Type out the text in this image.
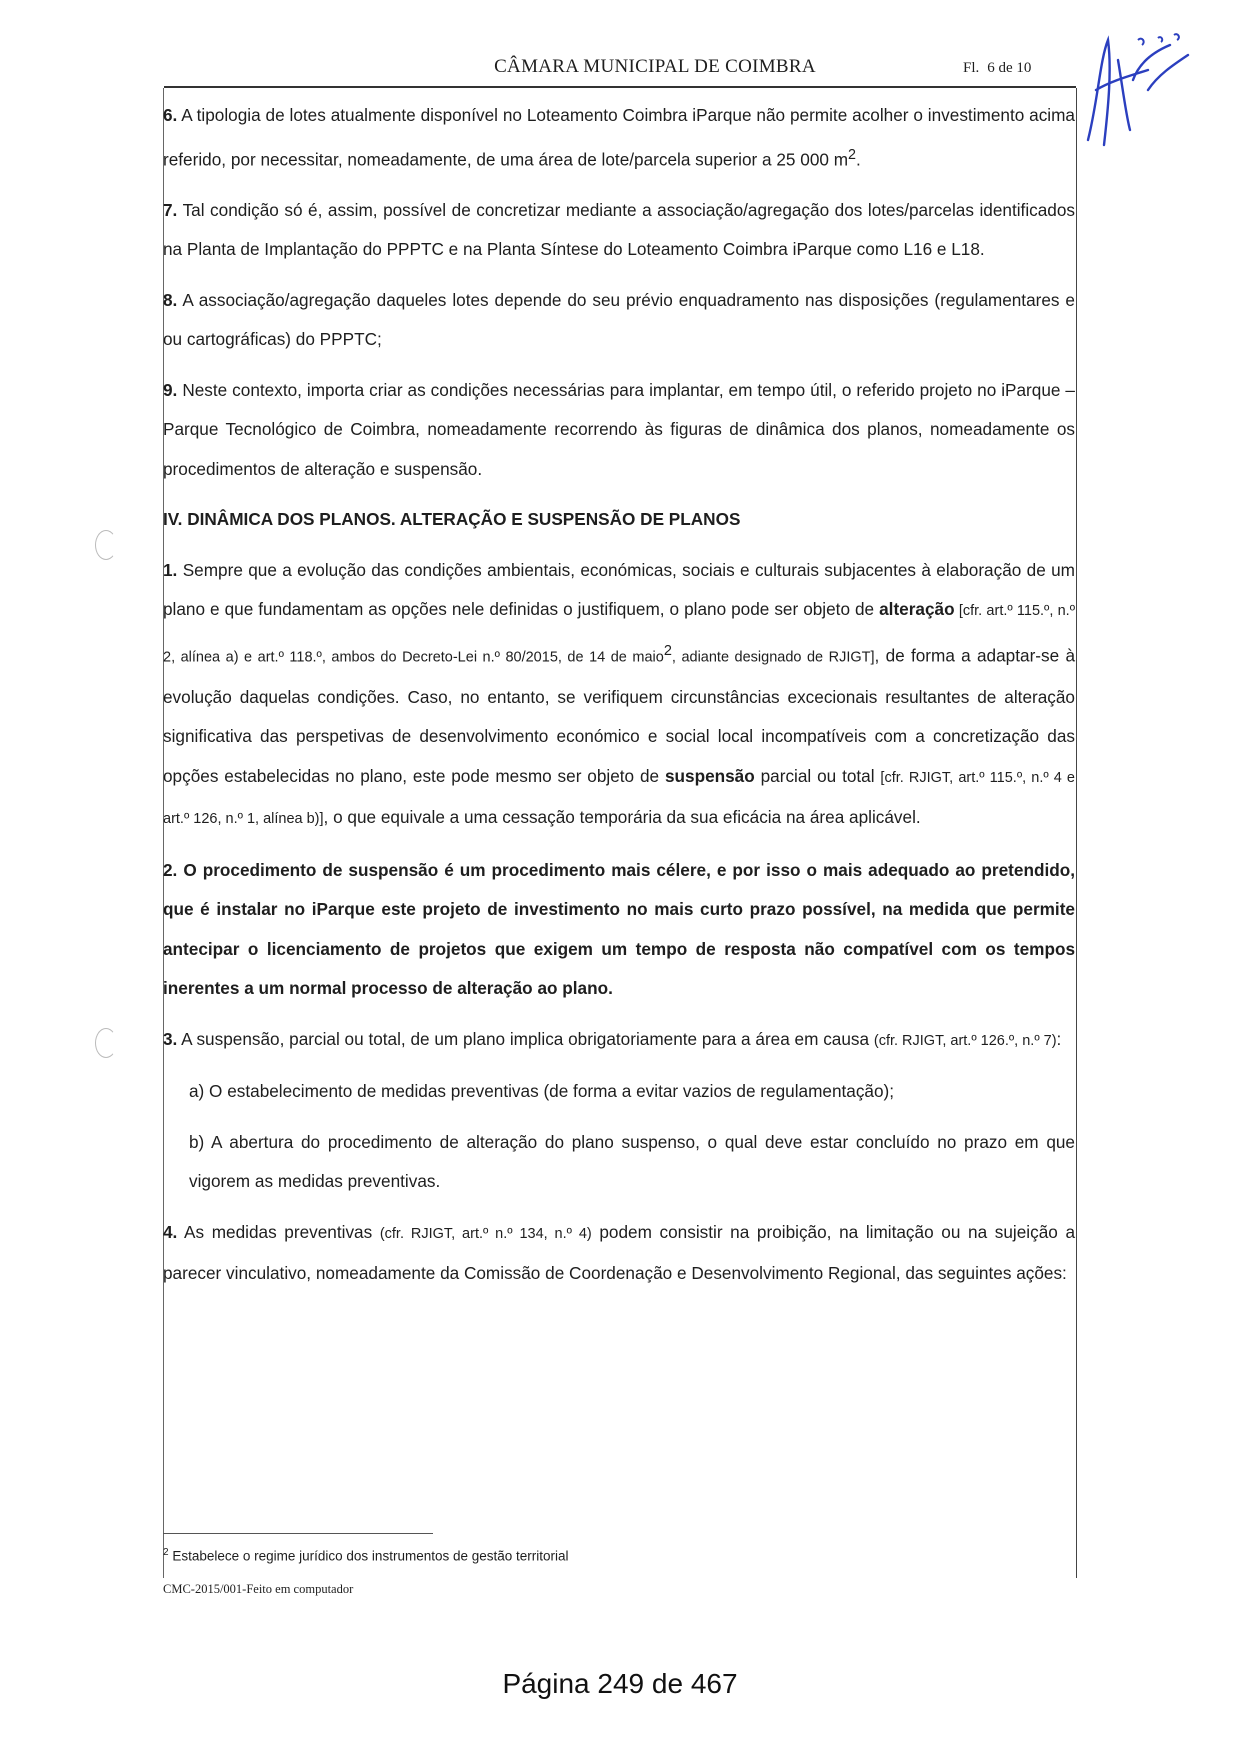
CÂMARA MUNICIPAL DE COIMBRA	Fl. 6 de 10

6. A tipologia de lotes atualmente disponível no Loteamento Coimbra iParque não permite acolher o investimento acima referido, por necessitar, nomeadamente, de uma área de lote/parcela superior a 25 000 $m^2$.

7. Tal condição só é, assim, possível de concretizar mediante a associação/agregação dos lotes/parcelas identificados na Planta de Implantação do PPPTC e na Planta Síntese do Loteamento Coimbra iParque como L16 e L18.

8. A associação/agregação daqueles lotes depende do seu prévio enquadramento nas disposições (regulamentares e ou cartográficas) do PPPTC;

9. Neste contexto, importa criar as condições necessárias para implantar, em tempo útil, o referido projeto no iParque – Parque Tecnológico de Coimbra, nomeadamente recorrendo às figuras de dinâmica dos planos, nomeadamente os procedimentos de alteração e suspensão.

IV. DINÂMICA DOS PLANOS. ALTERAÇÃO E SUSPENSÃO DE PLANOS

1. Sempre que a evolução das condições ambientais, económicas, sociais e culturais subjacentes à elaboração de um plano e que fundamentam as opções nele definidas o justifiquem, o plano pode ser objeto de alteração [cfr. art.º 115.º, n.º 2, alínea a) e art.º 118.º, ambos do Decreto-Lei n.º 80/2015, de 14 de maio$^2$, adiante designado de RJIGT], de forma a adaptar-se à evolução daquelas condições. Caso, no entanto, se verifiquem circunstâncias excecionais resultantes de alteração significativa das perspetivas de desenvolvimento económico e social local incompatíveis com a concretização das opções estabelecidas no plano, este pode mesmo ser objeto de suspensão parcial ou total [cfr. RJIGT, art.º 115.º, n.º 4 e art.º 126, n.º 1, alínea b)], o que equivale a uma cessação temporária da sua eficácia na área aplicável.

2. O procedimento de suspensão é um procedimento mais célere, e por isso o mais adequado ao pretendido, que é instalar no iParque este projeto de investimento no mais curto prazo possível, na medida que permite antecipar o licenciamento de projetos que exigem um tempo de resposta não compatível com os tempos inerentes a um normal processo de alteração ao plano.

3. A suspensão, parcial ou total, de um plano implica obrigatoriamente para a área em causa (cfr. RJIGT, art.º 126.º, n.º 7):

a) O estabelecimento de medidas preventivas (de forma a evitar vazios de regulamentação);

b) A abertura do procedimento de alteração do plano suspenso, o qual deve estar concluído no prazo em que vigorem as medidas preventivas.

4. As medidas preventivas (cfr. RJIGT, art.º n.º 134, n.º 4) podem consistir na proibição, na limitação ou na sujeição a parecer vinculativo, nomeadamente da Comissão de Coordenação e Desenvolvimento Regional, das seguintes ações:

$^2$ Estabelece o regime jurídico dos instrumentos de gestão territorial
CMC-2015/001-Feito em computador
Página 249 de 467
